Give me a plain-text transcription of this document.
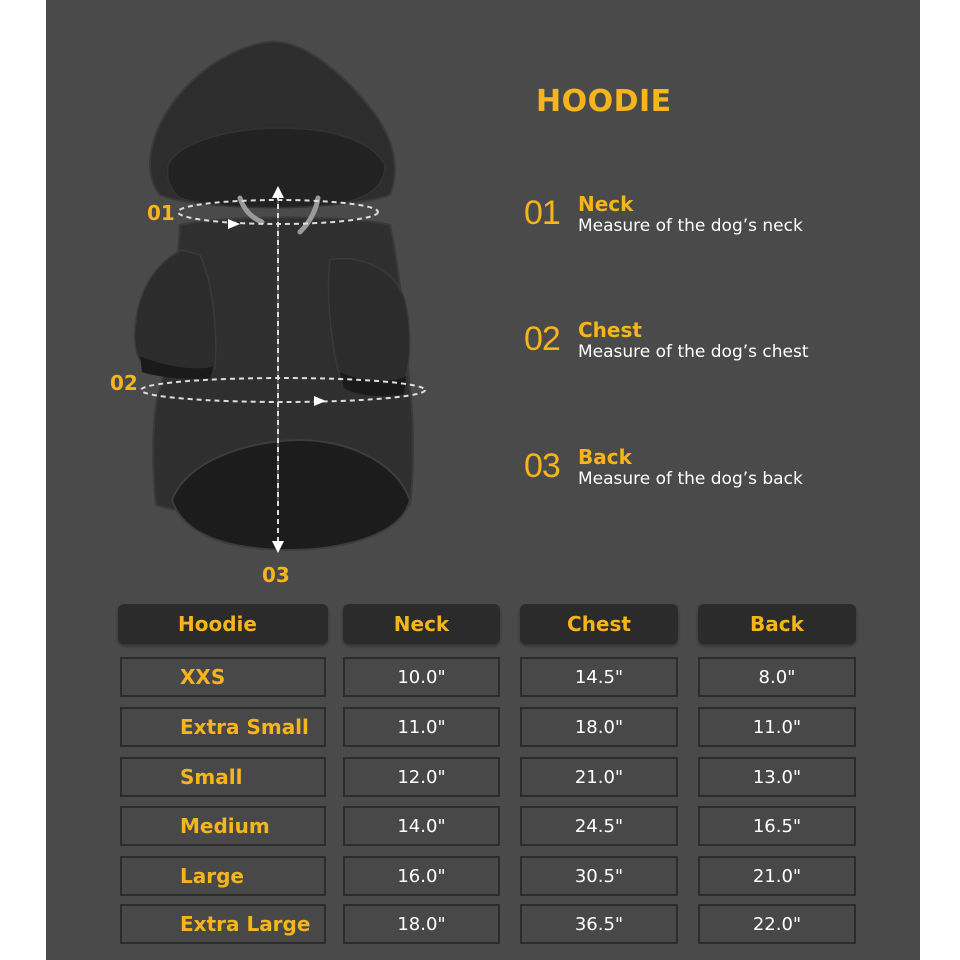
01
02
03
HOODIE
01 Neck
Measure of the dog’s neck
02 Chest
Measure of the dog’s chest
03 Back
Measure of the dog’s back
Hoodie	Neck	Chest	Back
XXS	10.0"	14.5"	8.0"
Extra Small	11.0"	18.0"	11.0"
Small	12.0"	21.0"	13.0"
Medium	14.0"	24.5"	16.5"
Large	16.0"	30.5"	21.0"
Extra Large	18.0"	36.5"	22.0"
